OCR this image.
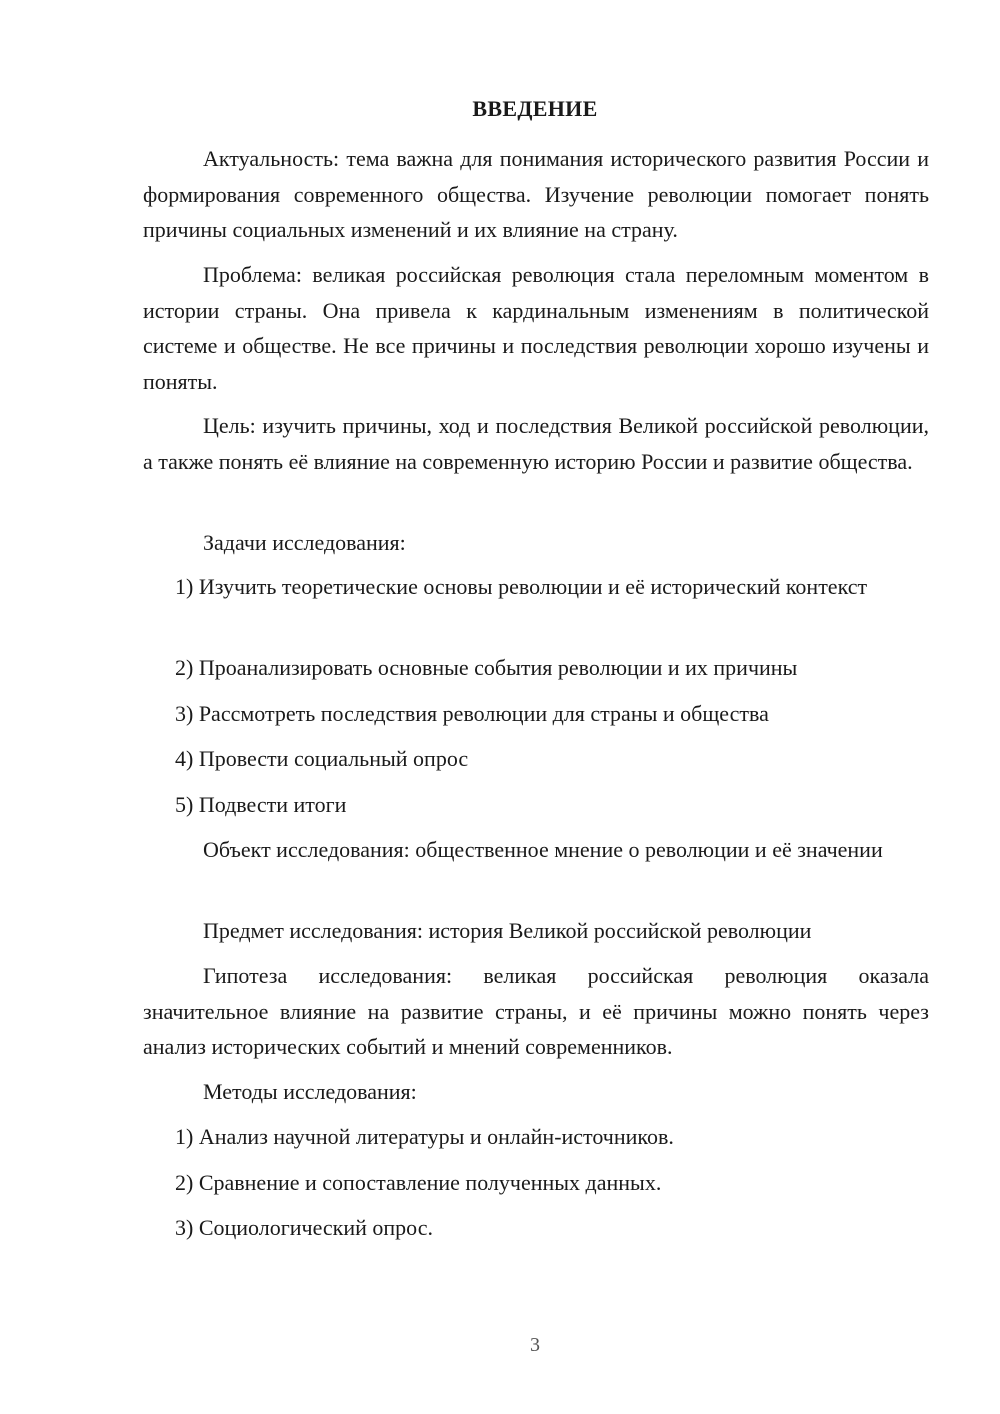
ВВЕДЕНИЕ

Актуальность: тема важна для понимания исторического развития России и формирования современного общества. Изучение революции помогает понять причины социальных изменений и их влияние на страну.

Проблема: великая российская революция стала переломным моментом в истории страны. Она привела к кардинальным изменениям в политической системе и обществе. Не все причины и последствия революции хорошо изучены и поняты.

Цель: изучить причины, ход и последствия Великой российской революции, а также понять её влияние на современную историю России и развитие общества.

Задачи исследования:

1) Изучить теоретические основы революции и её исторический контекст

2) Проанализировать основные события революции и их причины

3) Рассмотреть последствия революции для страны и общества

4) Провести социальный опрос

5) Подвести итоги

Объект исследования: общественное мнение о революции и её значении

Предмет исследования: история Великой российской революции

Гипотеза исследования: великая российская революция оказала значительное влияние на развитие страны, и её причины можно понять через анализ исторических событий и мнений современников.

Методы исследования:

1) Анализ научной литературы и онлайн-источников.

2) Сравнение и сопоставление полученных данных.

3) Социологический опрос.

3
